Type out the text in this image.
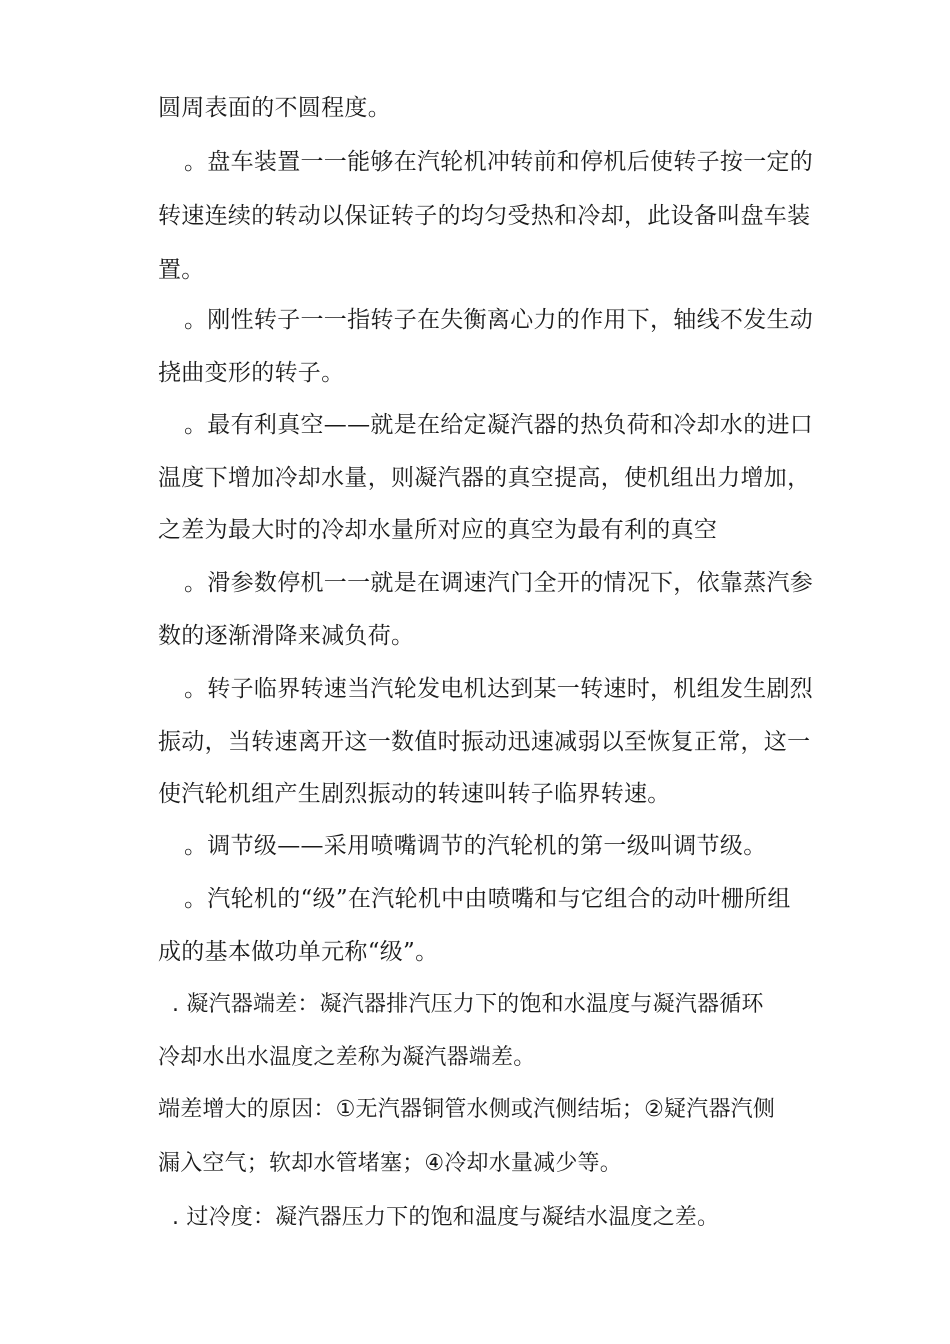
圆周表面的不圆程度。
。盘车装置一一能够在汽轮机冲转前和停机后使转子按一定的
转速连续的转动以保证转子的均匀受热和冷却，此设备叫盘车装
置。
。刚性转子一一指转子在失衡离心力的作用下，轴线不发生动
挠曲变形的转子。
。最有利真空——就是在给定凝汽器的热负荷和冷却水的进口
温度下增加冷却水量，则凝汽器的真空提高，使机组出力增加，
之差为最大时的冷却水量所对应的真空为最有利的真空
。滑参数停机一一就是在调速汽门全开的情况下，依靠蒸汽参
数的逐渐滑降来减负荷。
。转子临界转速当汽轮发电机达到某一转速时，机组发生剧烈
振动，当转速离开这一数值时振动迅速减弱以至恢复正常，这一
使汽轮机组产生剧烈振动的转速叫转子临界转速。
。调节级——采用喷嘴调节的汽轮机的第一级叫调节级。
。汽轮机的“级”在汽轮机中由喷嘴和与它组合的动叶栅所组
成的基本做功单元称“级”。
. 凝汽器端差：凝汽器排汽压力下的饱和水温度与凝汽器循环
冷却水出水温度之差称为凝汽器端差。
端差增大的原因：①无汽器铜管水侧或汽侧结垢；②疑汽器汽侧
漏入空气；软却水管堵塞；④冷却水量减少等。
. 过冷度：凝汽器压力下的饱和温度与凝结水温度之差。
